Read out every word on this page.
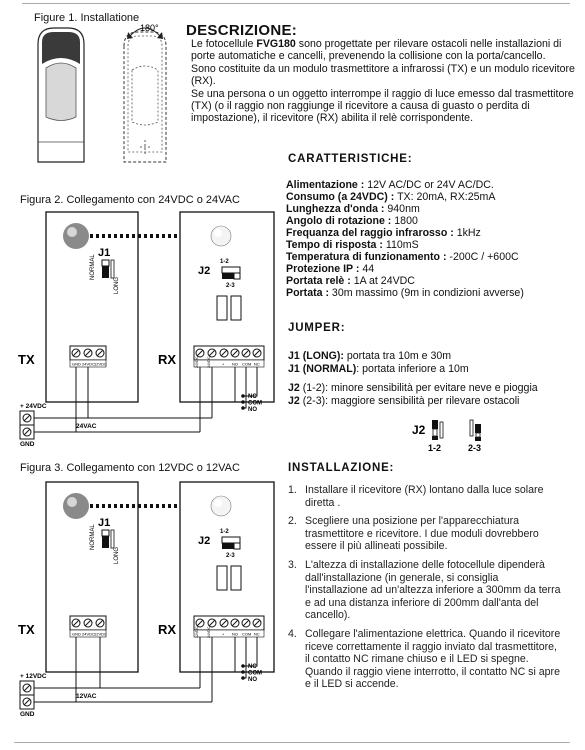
Figure 1. Installatione
180° DESCRIZIONE:

Le fotocellule FVG180 sono progettate per rilevare ostacoli nelle installazioni di porte automatiche e cancelli, prevenendo la collisione con la porta/cancello.

Sono costituite da un modulo trasmettitore a infrarossi (TX) e un modulo ricevitore (RX).

Se una persona o un oggetto interrompe il raggio di luce emesso dal trasmettitore (TX) (o il raggio non raggiunge il ricevitore a causa di guasto o perdita di impostazione), il ricevitore (RX) abilita il relè corrispondente.

CARATTERISTICHE:
Alimentazione : 12V AC/DC or 24V AC/DC.
Consumo (a 24VDC) : TX: 20mA, RX:25mA
Lunghezza d'onda : 940nm
Angolo di rotazione : 1800
Frequanza del raggio infrarosso : 1kHz
Tempo di risposta : 110mS
Temperatura di funzionamento : -200C / +600C
Protezione IP : 44
Portata relè : 1A at 24VDC
Portata : 30m massimo (9m in condizioni avverse)
JUMPER:
J1 (LONG): portata tra 10m e 30m
J1 (NORMAL): portata inferiore a 10m
J2 (1-2): minore sensibilità per evitare neve e pioggia
J2 (2-3): maggiore sensibilità per rilevare ostacoli
J2
1-2	2-3
INSTALLAZIONE:
1. Installare il ricevitore (RX) lontano dalla luce solare diretta .
2. Scegliere una posizione per l'apparecchiatura trasmettitore e ricevitore. I due moduli dovrebbero essere il più allineati possibile.
3. L'altezza di installazione delle fotocellule dipenderà dall'installazione (in generale, si consiglia l'installazione ad un'altezza inferiore a 300mm da terra e ad una distanza inferiore di 200mm dall'anta del cancello).
4. Collegare l'alimentazione elettrica. Quando il ricevitore riceve correttamente il raggio inviato dal trasmettitore, il contatto NC rimane chiuso e il LED si spegne. Quando il raggio viene interrotto, il contatto NC si apre e il LED si accende.
Figura 2. Collegamento con 24VDC o 24VAC
J1
NORMAL
LONG
GND 24VDC 12VDC
TX
J2
1-2
2-3
24VDC 24VDC	+ NO COM NC
RX
NC
COM
NO
+ 24VDC
24VAC
GND
Figura 3. Collegamento con 12VDC o 12VAC
J1
NORMAL
LONG
GND 24VDC 12VDC
TX
J2
1-2
2-3
12VDC 24VDC	+ NO COM NC
RX
NC
COM
NO
+ 12VDC
12VAC
GND
